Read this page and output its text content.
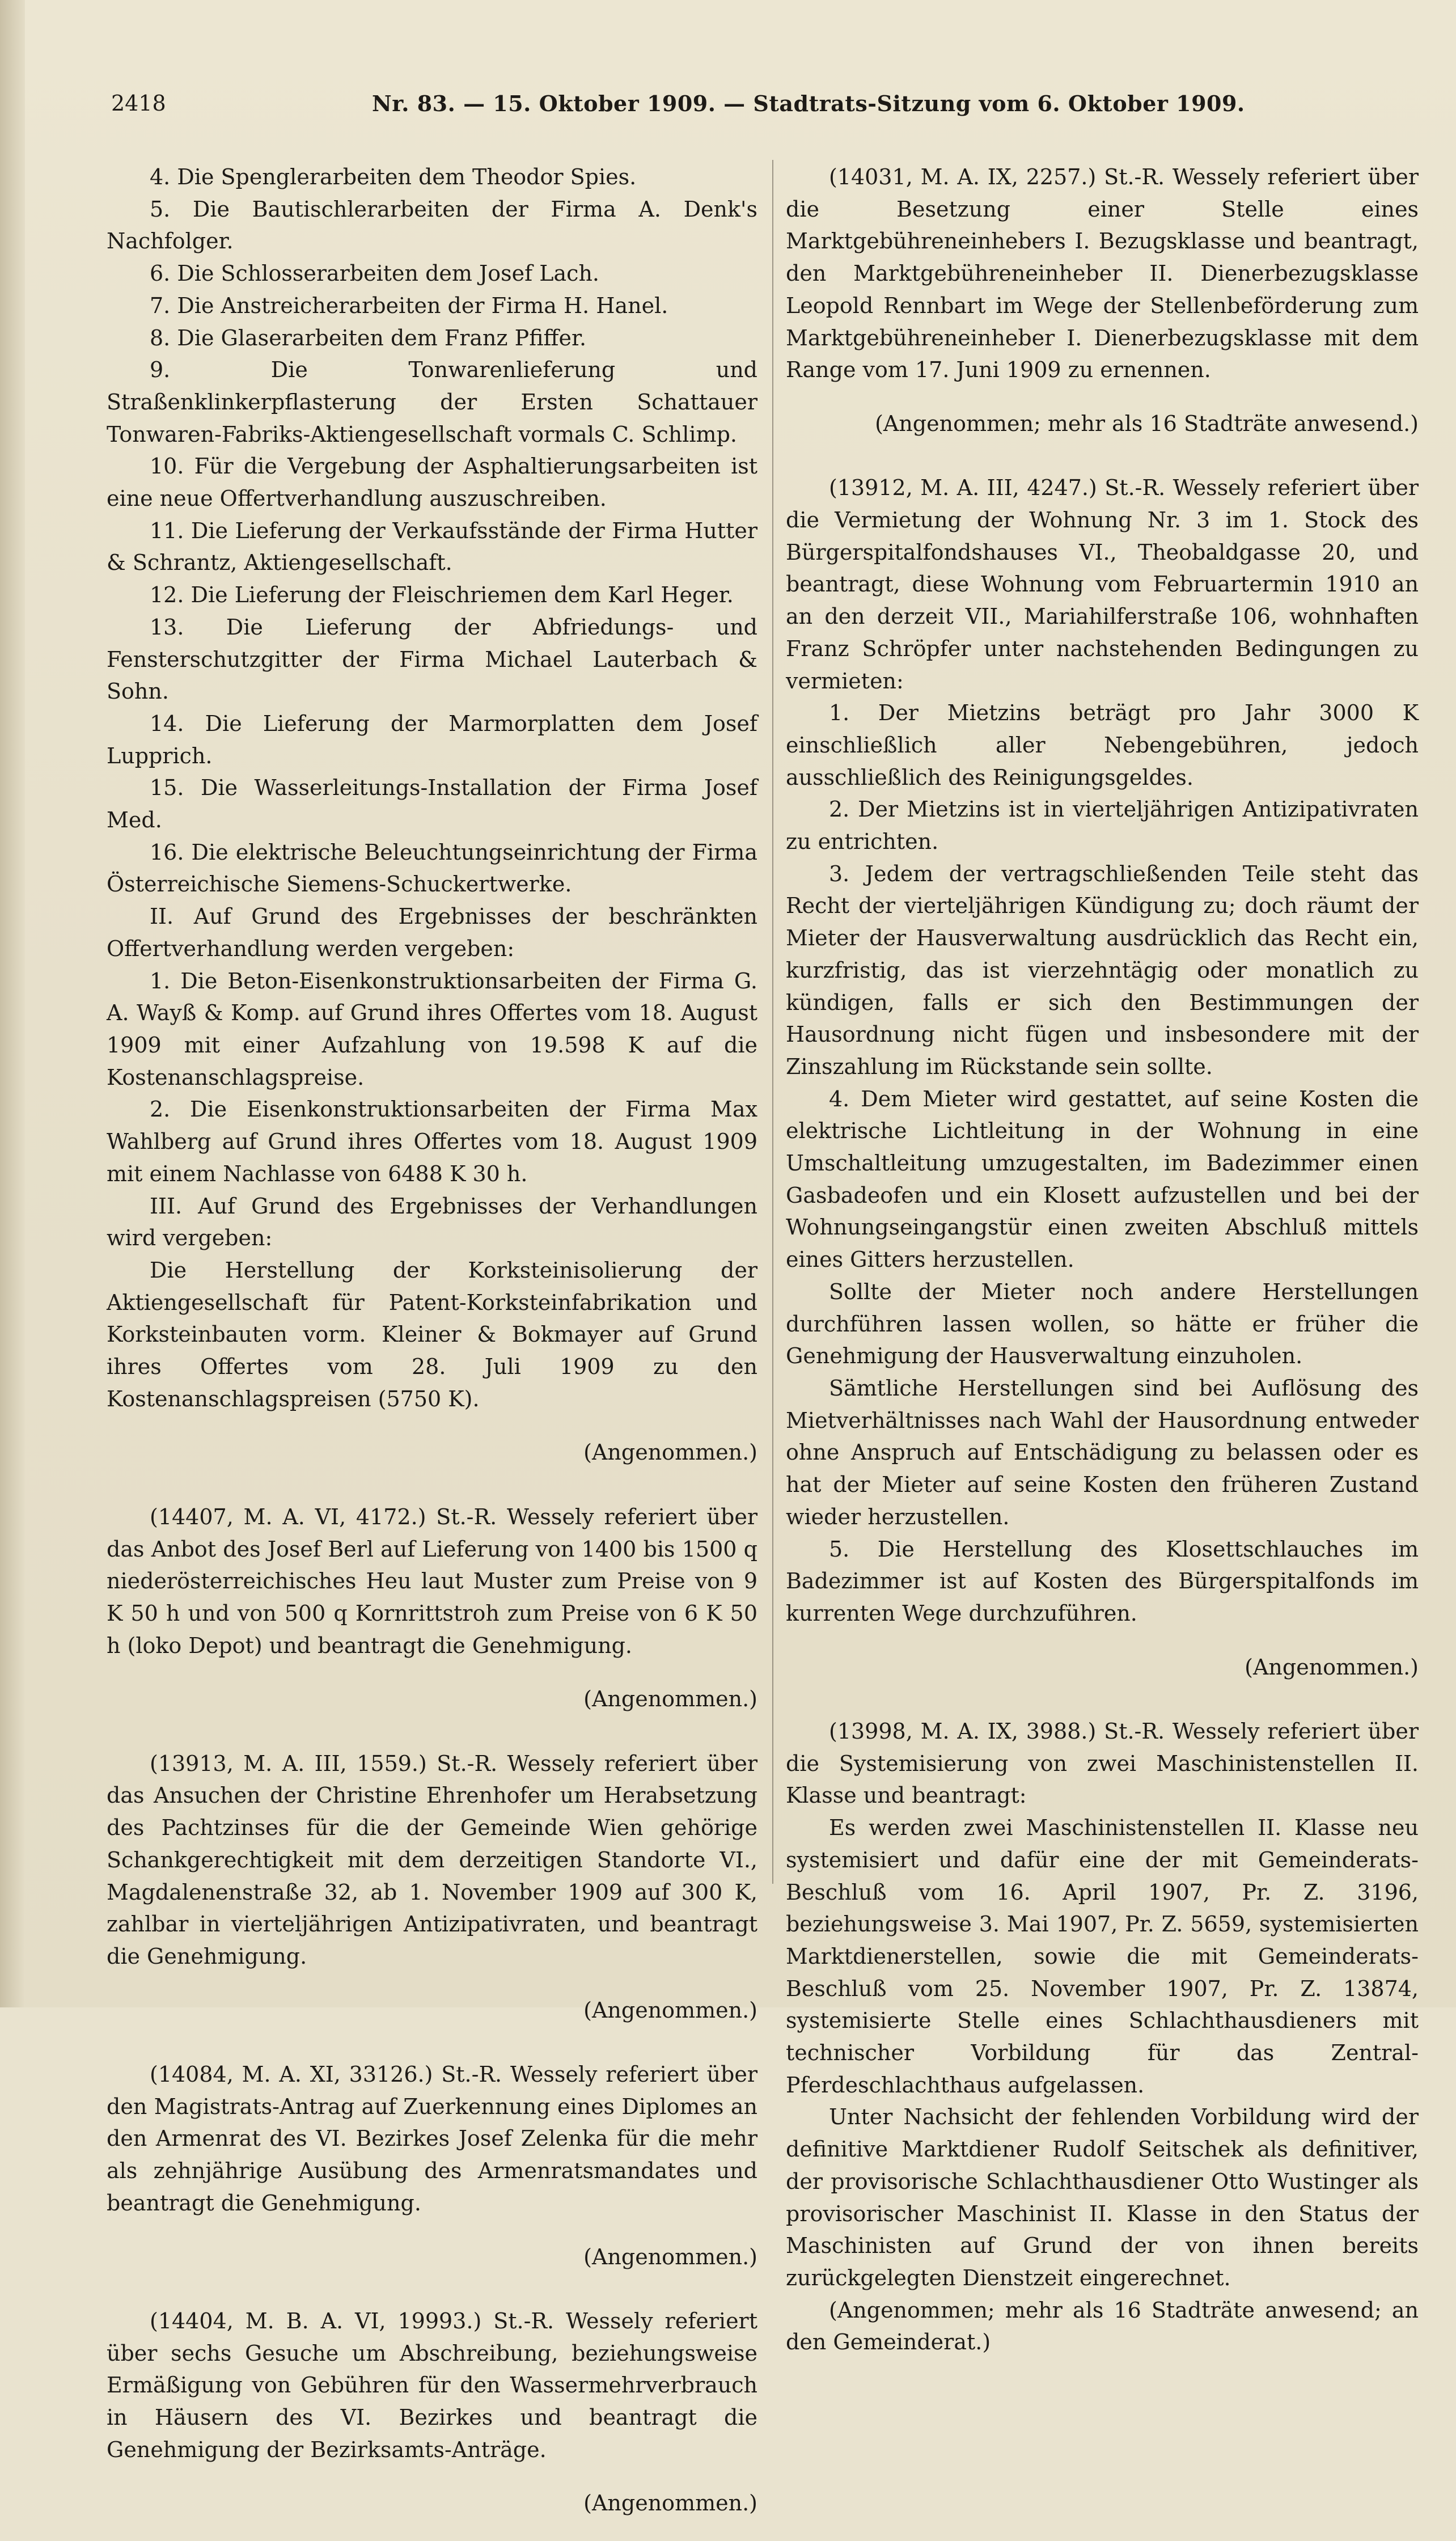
2418	Nr. 83. — 15. Oktober 1909. — Stadtrats-Sitzung vom 6. Oktober 1909.

4. Die Spenglerarbeiten dem Theodor Spies.

5. Die Bautischlerarbeiten der Firma A. Denk's Nachfolger.

6. Die Schlosserarbeiten dem Josef Lach.

7. Die Anstreicherarbeiten der Firma H. Hanel.

8. Die Glaserarbeiten dem Franz Pfiffer.

9. Die Tonwarenlieferung und Straßenklinkerpflasterung der Ersten Schattauer Tonwaren-Fabriks-Aktiengesellschaft vormals C. Schlimp.

10. Für die Vergebung der Asphaltierungsarbeiten ist eine neue Offertverhandlung auszuschreiben.

11. Die Lieferung der Verkaufsstände der Firma Hutter & Schrantz, Aktiengesellschaft.

12. Die Lieferung der Fleischriemen dem Karl Heger.

13. Die Lieferung der Abfriedungs- und Fensterschutzgitter der Firma Michael Lauterbach & Sohn.

14. Die Lieferung der Marmorplatten dem Josef Lupprich.

15. Die Wasserleitungs-Installation der Firma Josef Med.

16. Die elektrische Beleuchtungseinrichtung der Firma Österreichische Siemens-Schuckertwerke.

II. Auf Grund des Ergebnisses der beschränkten Offertverhandlung werden vergeben:

1. Die Beton-Eisenkonstruktionsarbeiten der Firma G. A. Wayß & Komp. auf Grund ihres Offertes vom 18. August 1909 mit einer Aufzahlung von 19.598 K auf die Kostenanschlagspreise.

2. Die Eisenkonstruktionsarbeiten der Firma Max Wahlberg auf Grund ihres Offertes vom 18. August 1909 mit einem Nachlasse von 6488 K 30 h.

III. Auf Grund des Ergebnisses der Verhandlungen wird vergeben:

Die Herstellung der Korksteinisolierung der Aktiengesellschaft für Patent-Korksteinfabrikation und Korksteinbauten vorm. Kleiner & Bokmayer auf Grund ihres Offertes vom 28. Juli 1909 zu den Kostenanschlagspreisen (5750 K).

(Angenommen.)

(14407, M. A. VI, 4172.) St.-R. Wessely referiert über das Anbot des Josef Berl auf Lieferung von 1400 bis 1500 q niederösterreichisches Heu laut Muster zum Preise von 9 K 50 h und von 500 q Kornrittstroh zum Preise von 6 K 50 h (loko Depot) und beantragt die Genehmigung.

(Angenommen.)

(13913, M. A. III, 1559.) St.-R. Wessely referiert über das Ansuchen der Christine Ehrenhofer um Herabsetzung des Pachtzinses für die der Gemeinde Wien gehörige Schankgerechtigkeit mit dem derzeitigen Standorte VI., Magdalenenstraße 32, ab 1. November 1909 auf 300 K, zahlbar in vierteljährigen Antizipativraten, und beantragt die Genehmigung.

(Angenommen.)

(14084, M. A. XI, 33126.) St.-R. Wessely referiert über den Magistrats-Antrag auf Zuerkennung eines Diplomes an den Armenrat des VI. Bezirkes Josef Zelenka für die mehr als zehnjährige Ausübung des Armenratsmandates und beantragt die Genehmigung.

(Angenommen.)

(14404, M. B. A. VI, 19993.) St.-R. Wessely referiert über sechs Gesuche um Abschreibung, beziehungsweise Ermäßigung von Gebühren für den Wassermehrverbrauch in Häusern des VI. Bezirkes und beantragt die Genehmigung der Bezirksamts-Anträge.

(Angenommen.)

(14031, M. A. IX, 2257.) St.-R. Wessely referiert über die Besetzung einer Stelle eines Marktgebühreneinhebers I. Bezugsklasse und beantragt, den Marktgebühreneinheber II. Dienerbezugsklasse Leopold Rennbart im Wege der Stellenbeförderung zum Marktgebühreneinheber I. Dienerbezugsklasse mit dem Range vom 17. Juni 1909 zu ernennen.

(Angenommen; mehr als 16 Stadträte anwesend.)

(13912, M. A. III, 4247.) St.-R. Wessely referiert über die Vermietung der Wohnung Nr. 3 im 1. Stock des Bürgerspitalfondshauses VI., Theobaldgasse 20, und beantragt, diese Wohnung vom Februartermin 1910 an an den derzeit VII., Mariahilferstraße 106, wohnhaften Franz Schröpfer unter nachstehenden Bedingungen zu vermieten:

1. Der Mietzins beträgt pro Jahr 3000 K einschließlich aller Nebengebühren, jedoch ausschließlich des Reinigungsgeldes.

2. Der Mietzins ist in vierteljährigen Antizipativraten zu entrichten.

3. Jedem der vertragschließenden Teile steht das Recht der vierteljährigen Kündigung zu; doch räumt der Mieter der Hausverwaltung ausdrücklich das Recht ein, kurzfristig, das ist vierzehntägig oder monatlich zu kündigen, falls er sich den Bestimmungen der Hausordnung nicht fügen und insbesondere mit der Zinszahlung im Rückstande sein sollte.

4. Dem Mieter wird gestattet, auf seine Kosten die elektrische Lichtleitung in der Wohnung in eine Umschaltleitung umzugestalten, im Badezimmer einen Gasbadeofen und ein Klosett aufzustellen und bei der Wohnungseingangstür einen zweiten Abschluß mittels eines Gitters herzustellen.

Sollte der Mieter noch andere Herstellungen durchführen lassen wollen, so hätte er früher die Genehmigung der Hausverwaltung einzuholen.

Sämtliche Herstellungen sind bei Auflösung des Mietverhältnisses nach Wahl der Hausordnung entweder ohne Anspruch auf Entschädigung zu belassen oder es hat der Mieter auf seine Kosten den früheren Zustand wieder herzustellen.

5. Die Herstellung des Klosettschlauches im Badezimmer ist auf Kosten des Bürgerspitalfonds im kurrenten Wege durchzuführen.

(Angenommen.)

(13998, M. A. IX, 3988.) St.-R. Wessely referiert über die Systemisierung von zwei Maschinistenstellen II. Klasse und beantragt:

Es werden zwei Maschinistenstellen II. Klasse neu systemisiert und dafür eine der mit Gemeinderats-Beschluß vom 16. April 1907, Pr. Z. 3196, beziehungsweise 3. Mai 1907, Pr. Z. 5659, systemisierten Marktdienerstellen, sowie die mit Gemeinderats-Beschluß vom 25. November 1907, Pr. Z. 13874, systemisierte Stelle eines Schlachthausdieners mit technischer Vorbildung für das Zentral-Pferdeschlachthaus aufgelassen.

Unter Nachsicht der fehlenden Vorbildung wird der definitive Marktdiener Rudolf Seitschek als definitiver, der provisorische Schlachthausdiener Otto Wustinger als provisorischer Maschinist II. Klasse in den Status der Maschinisten auf Grund der von ihnen bereits zurückgelegten Dienstzeit eingerechnet.

(Angenommen; mehr als 16 Stadträte anwesend; an den Gemeinderat.)
